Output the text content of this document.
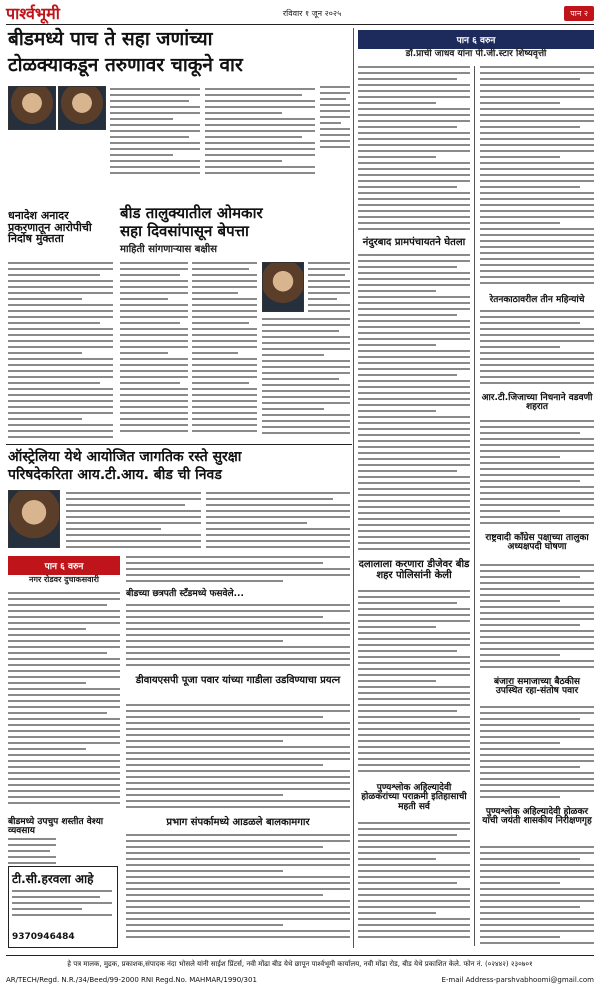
पार्श्वभूमी	रविवार १ जून २०२५	पान २
बीडमध्ये पाच ते सहा जणांच्या
टोळक्याकडून तरुणावर चाकूने वार
धनादेश अनादर प्रकरणातून आरोपीची निर्दोष मुक्तता
बीड तालुक्यातील ओमकार
सहा दिवसांपासून बेपत्ता
माहिती सांगणाऱ्यास बक्षीस
ऑस्ट्रेलिया येथे आयोजित जागतिक रस्ते सुरक्षा
परिषदेकरिता आय.टी.आय. बीड ची निवड
पान ६ वरुन
नगर रोडवर दुचाकसवारी
बीडच्या छत्रपती स्टॅंडमध्ये फसवेले...
डीवायएसपी पूजा पवार यांच्या गाडीला उडविण्याचा प्रयत्न
प्रभाग संपर्कामध्ये आडळले बालकामगार
बीडमध्ये उपचुप शस्तीत वेश्या व्यवसाय
टी.सी.हरवला आहे
9370946484
पान ६ वरुन
डॉ.प्राची जाधव यांना पी.जी.स्टार शिष्यवृत्ती
नंदुरबाद प्रामपंचायतने घेतला
दलालाला करणारा डीजेवर बीड शहर पोलिसांनी केली
पुण्यश्लोक अहिल्यादेवी होळकरांच्या पराक्रमी इतिहासाची महती सर्व
रेतनकाठावरील तीन महिन्यांचे
आर.टी.जिजाच्या निधनाने वडवणी शहरात
राष्ट्रवादी काँग्रेस पक्षाच्या तालुका अध्यक्षपदी घोषणा
बंजारा समाजाच्या बैठकीस उपस्थित रहा-संतोष पवार
पुण्यश्लोक अहिल्यादेवी होळकर यांची जयंती शासकीय निरीक्षणगृह
हे पत्र मालक, मुद्रक, प्रकाशक,संपादक नंदा भोसले यांनी साईश प्रिंटर्स, नवी मोंढा बीड येथे छापून पार्श्वभूमी कार्यालय, नवी मोंढा रोड, बीड येथे प्रकाशित केले. फोन नं. (०२४४२) २३०७०१
AR/TECH/Regd. N.R./34/Beed/99-2000 RNI Regd.No. MAHMAR/1990/301	E-mail Address-parshvabhoomi@gmail.com
